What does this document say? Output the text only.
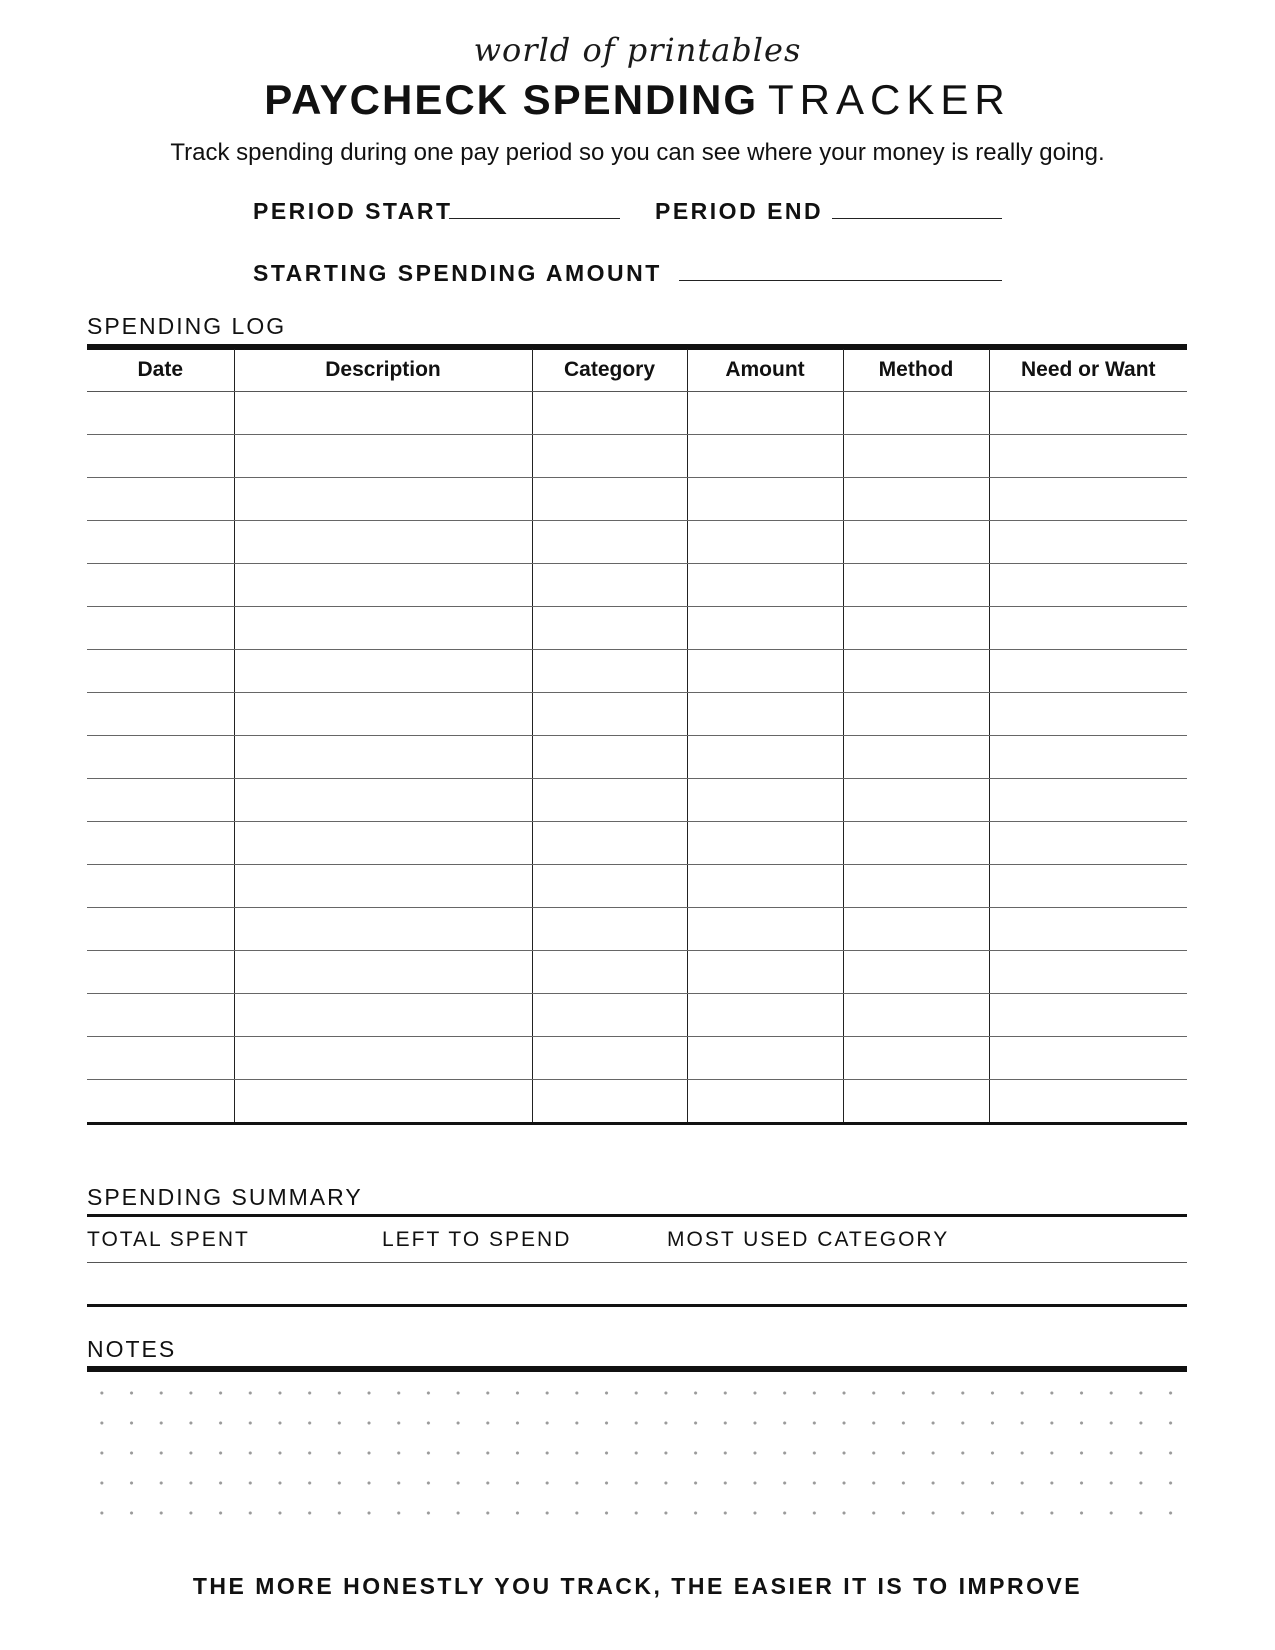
world of printables
PAYCHECK SPENDING TRACKER
Track spending during one pay period so you can see where your money is really going.
PERIOD START	PERIOD END
STARTING SPENDING AMOUNT
SPENDING LOG
Date	Description	Category	Amount	Method	Need or Want

SPENDING SUMMARY
TOTAL SPENT	LEFT TO SPEND	MOST USED CATEGORY
NOTES
THE MORE HONESTLY YOU TRACK, THE EASIER IT IS TO IMPROVE
